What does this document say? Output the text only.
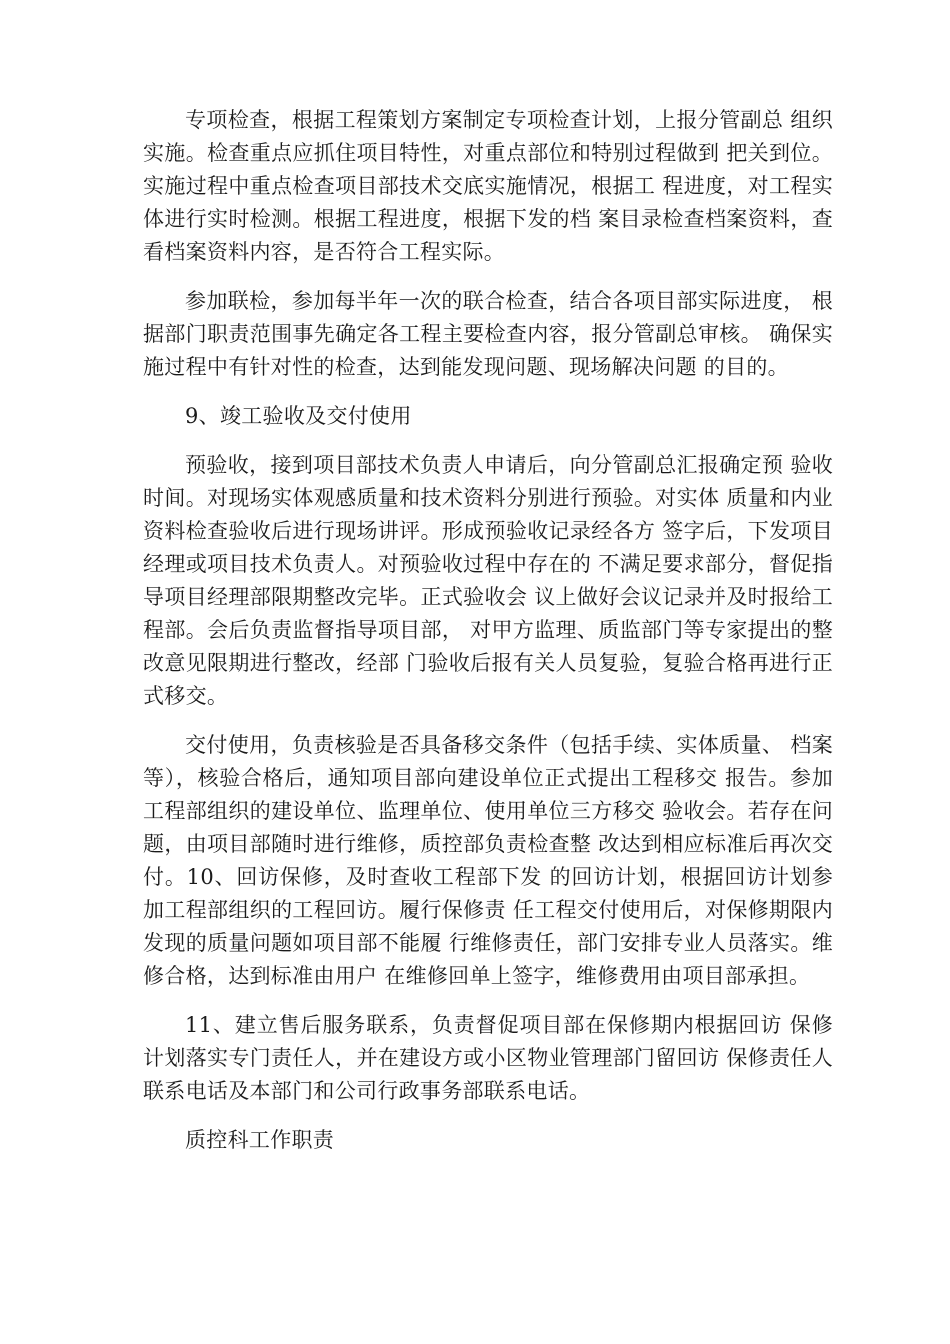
专项检查，根据工程策划方案制定专项检查计划，上报分管副总 组织实施。检查重点应抓住项目特性，对重点部位和特别过程做到 把关到位。实施过程中重点检查项目部技术交底实施情况，根据工 程进度，对工程实体进行实时检测。根据工程进度，根据下发的档 案目录检查档案资料，查看档案资料内容，是否符合工程实际。

参加联检，参加每半年一次的联合检查，结合各项目部实际进度， 根据部门职责范围事先确定各工程主要检查内容，报分管副总审核。 确保实施过程中有针对性的检查，达到能发现问题、现场解决问题 的目的。

9、竣工验收及交付使用

预验收，接到项目部技术负责人申请后，向分管副总汇报确定预 验收时间。对现场实体观感质量和技术资料分别进行预验。对实体 质量和内业资料检查验收后进行现场讲评。形成预验收记录经各方 签字后，下发项目经理或项目技术负责人。对预验收过程中存在的 不满足要求部分，督促指导项目经理部限期整改完毕。正式验收会 议上做好会议记录并及时报给工程部。会后负责监督指导项目部， 对甲方监理、质监部门等专家提出的整改意见限期进行整改，经部 门验收后报有关人员复验，复验合格再进行正式移交。

交付使用，负责核验是否具备移交条件（包括手续、实体质量、 档案等），核验合格后，通知项目部向建设单位正式提出工程移交 报告。参加工程部组织的建设单位、监理单位、使用单位三方移交 验收会。若存在问题，由项目部随时进行维修，质控部负责检查整 改达到相应标准后再次交付。10、回访保修，及时查收工程部下发 的回访计划，根据回访计划参加工程部组织的工程回访。履行保修责 任工程交付使用后，对保修期限内发现的质量问题如项目部不能履 行维修责任，部门安排专业人员落实。维修合格，达到标准由用户 在维修回单上签字，维修费用由项目部承担。

11、建立售后服务联系，负责督促项目部在保修期内根据回访 保修计划落实专门责任人，并在建设方或小区物业管理部门留回访 保修责任人联系电话及本部门和公司行政事务部联系电话。

质控科工作职责
